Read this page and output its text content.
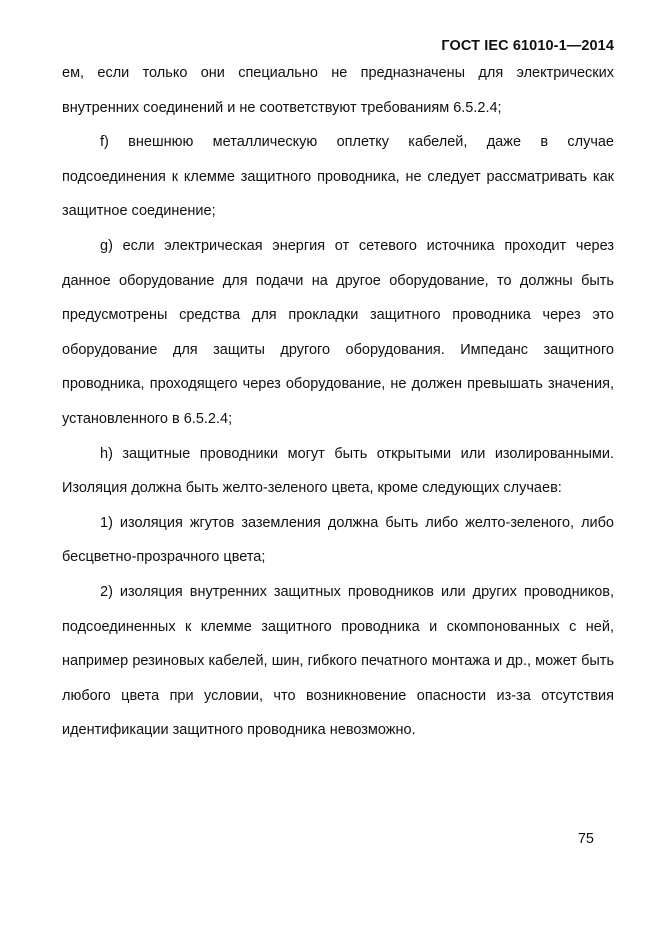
ГОСТ IEC 61010-1—2014

ем, если только они специально не предназначены для электрических внутренних соединений и не соответствуют требованиям 6.5.2.4;

f) внешнюю металлическую оплетку кабелей, даже в случае подсоединения к клемме защитного проводника, не следует рассматривать как защитное соединение;

g) если электрическая энергия от сетевого источника проходит через данное оборудование для подачи на другое оборудование, то должны быть предусмотрены средства для прокладки защитного проводника через это оборудование для защиты другого оборудования. Импеданс защитного проводника, проходящего через оборудование, не должен превышать значения, установленного в 6.5.2.4;

h) защитные проводники могут быть открытыми или изолированными. Изоляция должна быть желто-зеленого цвета, кроме следующих случаев:

1) изоляция жгутов заземления должна быть либо желто-зеленого, либо бесцветно-прозрачного цвета;

2) изоляция внутренних защитных проводников или других проводников, подсоединенных к клемме защитного проводника и скомпонованных с ней, например резиновых кабелей, шин, гибкого печатного монтажа и др., может быть любого цвета при условии, что возникновение опасности из-за отсутствия идентификации защитного проводника невозможно.

75
